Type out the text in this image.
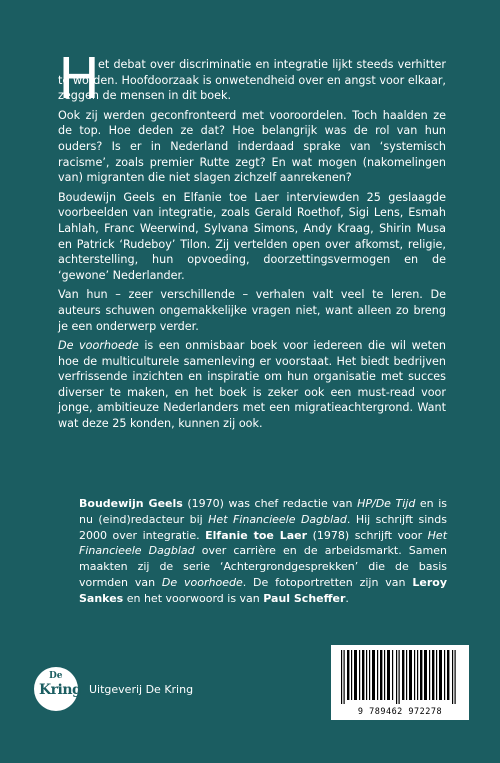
H

et debat over discriminatie en integratie lijkt steeds verhitter te worden. Hoofdoorzaak is onwetendheid over en angst voor elkaar, zeggen de mensen in dit boek.

Ook zij werden geconfronteerd met vooroordelen. Toch haalden ze de top. Hoe deden ze dat? Hoe belangrijk was de rol van hun ouders? Is er in Nederland inderdaad sprake van ‘systemisch racisme’, zoals premier Rutte zegt? En wat mogen (nakomelingen van) migranten die niet slagen zichzelf aanrekenen?

Boudewijn Geels en Elfanie toe Laer interviewden 25 geslaagde voorbeelden van integratie, zoals Gerald Roethof, Sigi Lens, Esmah Lahlah, Franc Weerwind, Sylvana Simons, Andy Kraag, Shirin Musa en Patrick ‘Rudeboy’ Tilon. Zij vertelden open over afkomst, religie, achterstelling, hun opvoeding, doorzettingsvermogen en de ‘gewone’ Nederlander.

Van hun – zeer verschillende – verhalen valt veel te leren. De auteurs schuwen ongemakkelijke vragen niet, want alleen zo breng je een onderwerp verder.

De voorhoede is een onmisbaar boek voor iedereen die wil weten hoe de multiculturele samenleving er voorstaat. Het biedt bedrijven verfrissende inzichten en inspiratie om hun organisatie met succes diverser te maken, en het boek is zeker ook een must-read voor jonge, ambitieuze Nederlanders met een migratieachtergrond. Want wat deze 25 konden, kunnen zij ook.

Boudewijn Geels (1970) was chef redactie van HP/De Tijd en is nu (eind)redacteur bij Het Financieele Dagblad. Hij schrijft sinds 2000 over integratie. Elfanie toe Laer (1978) schrijft voor Het Financieele Dagblad over carrière en de arbeidsmarkt. Samen maakten zij de serie ‘Achtergrondgesprekken’ die de basis vormden van De voorhoede. De fotoportretten zijn van Leroy Sankes en het voorwoord is van Paul Scheffer.

De
Kring Uitgeverij De Kring
9 789462 972278
